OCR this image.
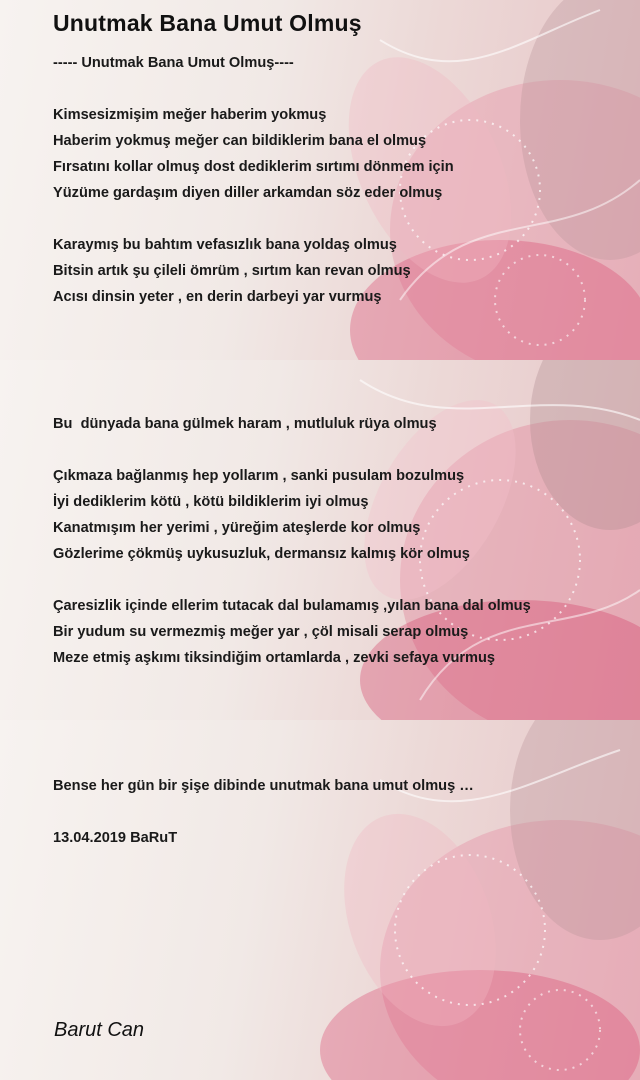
Unutmak Bana Umut Olmuş
Barut Can
----- Unutmak Bana Umut Olmuş----
Kimsesizmişim meğer haberim yokmuş
Haberim yokmuş meğer can bildiklerim bana el olmuş
Fırsatını kollar olmuş dost dediklerim sırtımı dönmem için
Yüzüme gardaşım diyen diller arkamdan söz eder olmuş
Karaymış bu bahtım vefasızlık bana yoldaş olmuş
Bitsin artık şu çileli ömrüm , sırtım kan revan olmuş
Acısı dinsin yeter , en derin darbeyi yar vurmuş
Bu  dünyada bana gülmek haram , mutluluk rüya olmuş
Çıkmaza bağlanmış hep yollarım , sanki pusulam bozulmuş
İyi dediklerim kötü , kötü bildiklerim iyi olmuş
Kanatmışım her yerimi , yüreğim ateşlerde kor olmuş
Gözlerime çökmüş uykusuzluk, dermansız kalmış kör olmuş
Çaresizlik içinde ellerim tutacak dal bulamamış ,yılan bana dal olmuş
Bir yudum su vermezmiş meğer yar , çöl misali serap olmuş
Meze etmiş aşkımı tiksindiğim ortamlarda , zevki sefaya vurmuş
Bense her gün bir şişe dibinde unutmak bana umut olmuş …
13.04.2019 BaRuT
